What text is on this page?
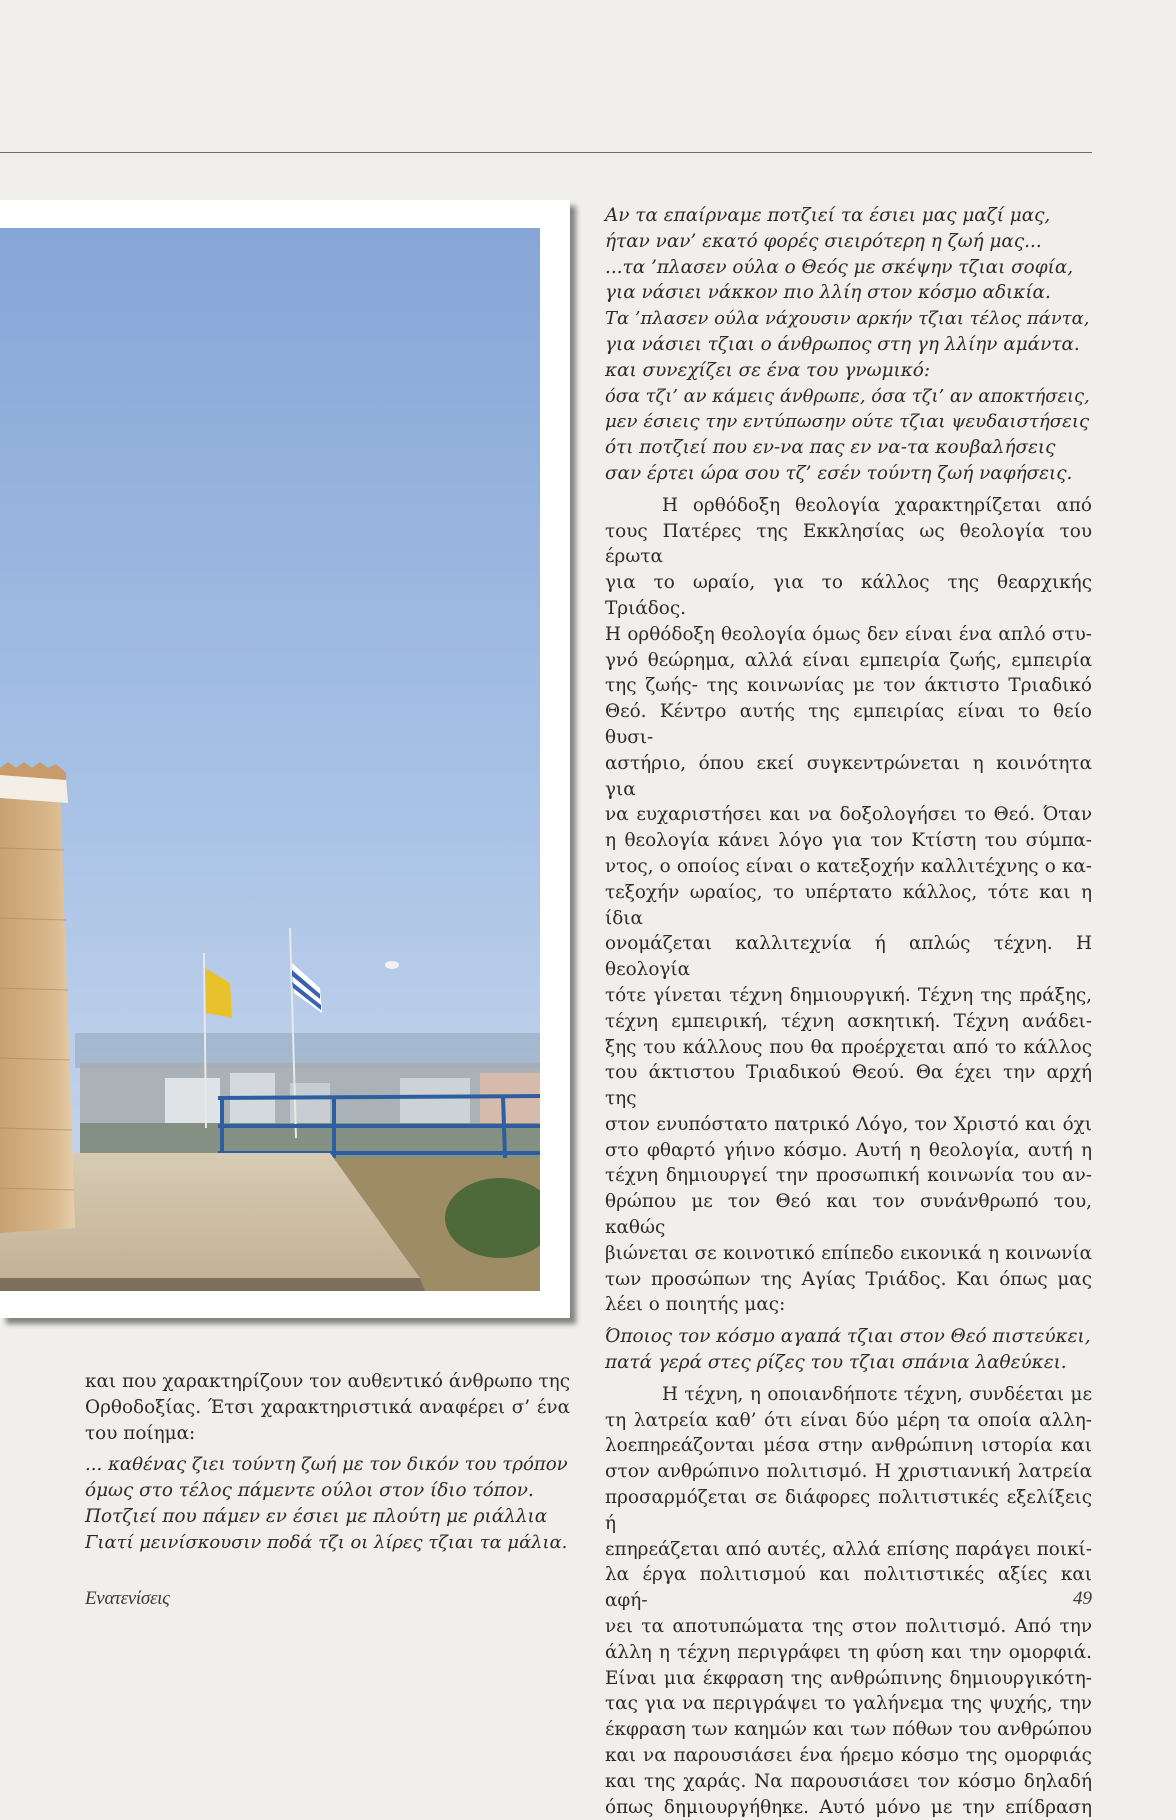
Αν τα επαίρναμε ποτζιεί τα έσιει μας μαζί μας,
ήταν ναν’ εκατό φορές σιειρότερη η ζωή μας...
...τα ’πλασεν ούλα ο Θεός με σκέψην τζιαι σοφία,
για νάσιει νάκκον πιο λλίη στον κόσμο αδικία.
Τα ’πλασεν ούλα νάχουσιν αρκήν τζιαι τέλος πάντα,
για νάσιει τζιαι ο άνθρωπος στη γη λλίην αμάντα.
και συνεχίζει σε ένα του γνωμικό:
όσα τζι’ αν κάμεις άνθρωπε, όσα τζι’ αν αποκτήσεις,
μεν έσιεις την εντύπωσην ούτε τζιαι ψευδαιστήσεις
ότι ποτζιεί που εν-να πας εν να-τα κουβαλήσεις
σαν έρτει ώρα σου τζ’ εσέν τούντη ζωή ναφήσεις.
Η ορθόδοξη θεολογία χαρακτηρίζεται από
τους Πατέρες της Εκκλησίας ως θεολογία του έρωτα
για το ωραίο, για το κάλλος της θεαρχικής Τριάδος.
Η ορθόδοξη θεολογία όμως δεν είναι ένα απλό στυ-
γνό θεώρημα, αλλά είναι εμπειρία ζωής, εμπειρία
της ζωής- της κοινωνίας με τον άκτιστο Τριαδικό
Θεό. Κέντρο αυτής της εμπειρίας είναι το θείο θυσι-
αστήριο, όπου εκεί συγκεντρώνεται η κοινότητα για
να ευχαριστήσει και να δοξολογήσει το Θεό. Όταν
η θεολογία κάνει λόγο για τον Κτίστη του σύμπα-
ντος, ο οποίος είναι ο κατεξοχήν καλλιτέχνης ο κα-
τεξοχήν ωραίος, το υπέρτατο κάλλος, τότε και η ίδια
ονομάζεται καλλιτεχνία ή απλώς τέχνη. Η θεολογία
τότε γίνεται τέχνη δημιουργική. Τέχνη της πράξης,
τέχνη εμπειρική, τέχνη ασκητική. Τέχνη ανάδει-
ξης του κάλλους που θα προέρχεται από το κάλλος
του άκτιστου Τριαδικού Θεού. Θα έχει την αρχή της
στον ενυπόστατο πατρικό Λόγο, τον Χριστό και όχι
στο φθαρτό γήινο κόσμο. Αυτή η θεολογία, αυτή η
τέχνη δημιουργεί την προσωπική κοινωνία του αν-
θρώπου με τον Θεό και τον συνάνθρωπό του, καθώς
βιώνεται σε κοινοτικό επίπεδο εικονικά η κοινωνία
των προσώπων της Αγίας Τριάδος. Και όπως μας
λέει ο ποιητής μας:
Όποιος τον κόσμο αγαπά τζιαι στον Θεό πιστεύκει,
πατά γερά στες ρίζες του τζιαι σπάνια λαθεύκει.
Η τέχνη, η οποιανδήποτε τέχνη, συνδέεται με
τη λατρεία καθ’ ότι είναι δύο μέρη τα οποία αλλη-
λοεπηρεάζονται μέσα στην ανθρώπινη ιστορία και
στον ανθρώπινο πολιτισμό. Η χριστιανική λατρεία
προσαρμόζεται σε διάφορες πολιτιστικές εξελίξεις ή
επηρεάζεται από αυτές, αλλά επίσης παράγει ποικί-
λα έργα πολιτισμού και πολιτιστικές αξίες και αφή-
νει τα αποτυπώματα της στον πολιτισμό. Από την
άλλη η τέχνη περιγράφει τη φύση και την ομορφιά.
Είναι μια έκφραση της ανθρώπινης δημιουργικότη-
τας για να περιγράψει το γαλήνεμα της ψυχής, την
έκφραση των καημών και των πόθων του ανθρώπου
και να παρουσιάσει ένα ήρεμο κόσμο της ομορφιάς
και της χαράς. Να παρουσιάσει τον κόσμο δηλαδή
όπως δημιουργήθηκε. Αυτό μόνο με την επίδραση
και που χαρακτηρίζουν τον αυθεντικό άνθρωπο της
Ορθοδοξίας. Έτσι χαρακτηριστικά αναφέρει σ’ ένα
του ποίημα:
... καθένας ζιει τούντη ζωή με τον δικόν του τρόπον
όμως στο τέλος πάμεντε ούλοι στον ίδιο τόπον.
Ποτζιεί που πάμεν εν έσιει με πλούτη με ριάλλια
Γιατί μεινίσκουσιν ποδά τζι οι λίρες τζιαι τα μάλια.
Ενατενίσεις	49
